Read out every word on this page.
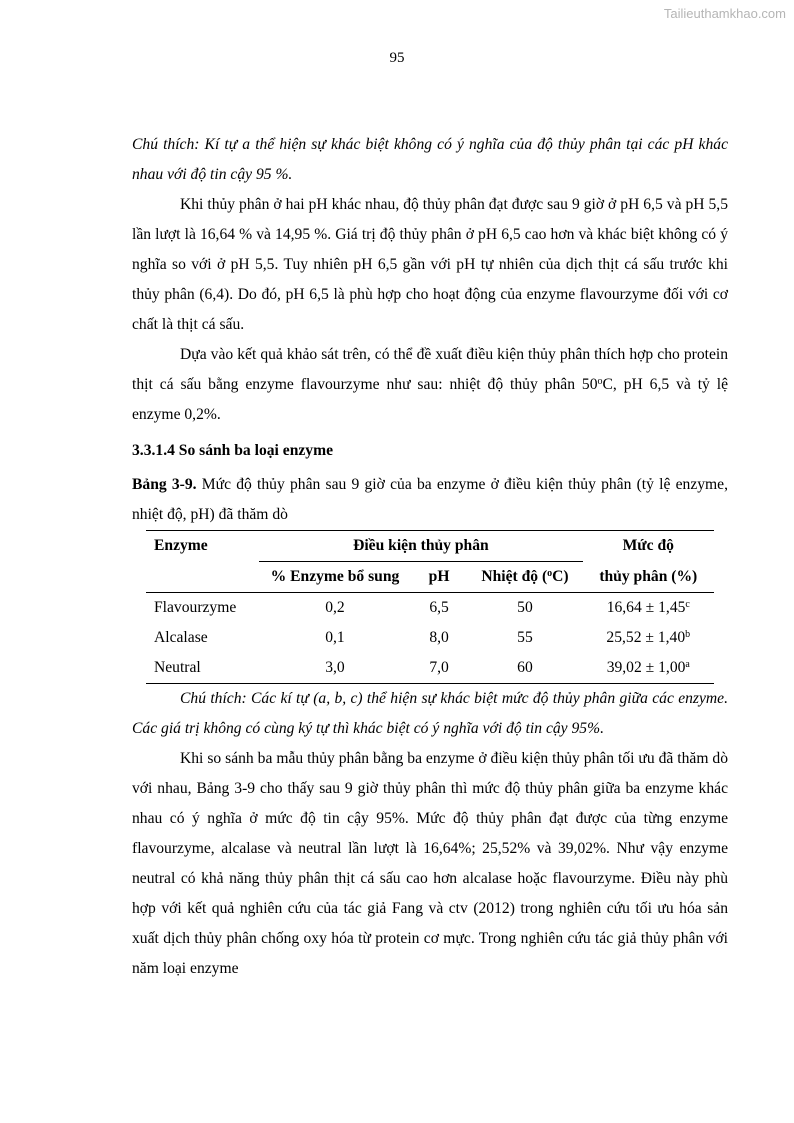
Tailieuthamkhao.com
95

Chú thích: Kí tự a thể hiện sự khác biệt không có ý nghĩa của độ thủy phân tại các pH khác nhau với độ tin cậy 95 %.

Khi thủy phân ở hai pH khác nhau, độ thủy phân đạt được sau 9 giờ ở pH 6,5 và pH 5,5 lần lượt là 16,64 % và 14,95 %. Giá trị độ thủy phân ở pH 6,5 cao hơn và khác biệt không có ý nghĩa so với ở pH 5,5. Tuy nhiên pH 6,5 gần với pH tự nhiên của dịch thịt cá sấu trước khi thủy phân (6,4). Do đó, pH 6,5 là phù hợp cho hoạt động của enzyme flavourzyme đối với cơ chất là thịt cá sấu.

Dựa vào kết quả khảo sát trên, có thể đề xuất điều kiện thủy phân thích hợp cho protein thịt cá sấu bằng enzyme flavourzyme như sau: nhiệt độ thủy phân 50$^o$C, pH 6,5 và tỷ lệ enzyme 0,2%.

3.3.1.4 So sánh ba loại enzyme

Bảng 3-9. Mức độ thủy phân sau 9 giờ của ba enzyme ở điều kiện thủy phân (tỷ lệ enzyme, nhiệt độ, pH) đã thăm dò

Enzyme	Điều kiện thủy phân			Mức độ
	% Enzyme bổ sung	pH	Nhiệt độ ($^o$C)	thủy phân (%)
Flavourzyme	0,2	6,5	50	16,64 ± 1,45$^c$
Alcalase	0,1	8,0	55	25,52 ± 1,40$^b$
Neutral	3,0	7,0	60	39,02 ± 1,00$^a$

Chú thích: Các kí tự (a, b, c) thể hiện sự khác biệt mức độ thủy phân giữa các enzyme. Các giá trị không có cùng ký tự thì khác biệt có ý nghĩa với độ tin cậy 95%.

Khi so sánh ba mẫu thủy phân bằng ba enzyme ở điều kiện thủy phân tối ưu đã thăm dò với nhau, Bảng 3-9 cho thấy sau 9 giờ thủy phân thì mức độ thủy phân giữa ba enzyme khác nhau có ý nghĩa ở mức độ tin cậy 95%. Mức độ thủy phân đạt được của từng enzyme flavourzyme, alcalase và neutral lần lượt là 16,64%; 25,52% và 39,02%. Như vậy enzyme neutral có khả năng thủy phân thịt cá sấu cao hơn alcalase hoặc flavourzyme. Điều này phù hợp với kết quả nghiên cứu của tác giả Fang và ctv (2012) trong nghiên cứu tối ưu hóa sản xuất dịch thủy phân chống oxy hóa từ protein cơ mực. Trong nghiên cứu tác giả thủy phân với năm loại enzyme
